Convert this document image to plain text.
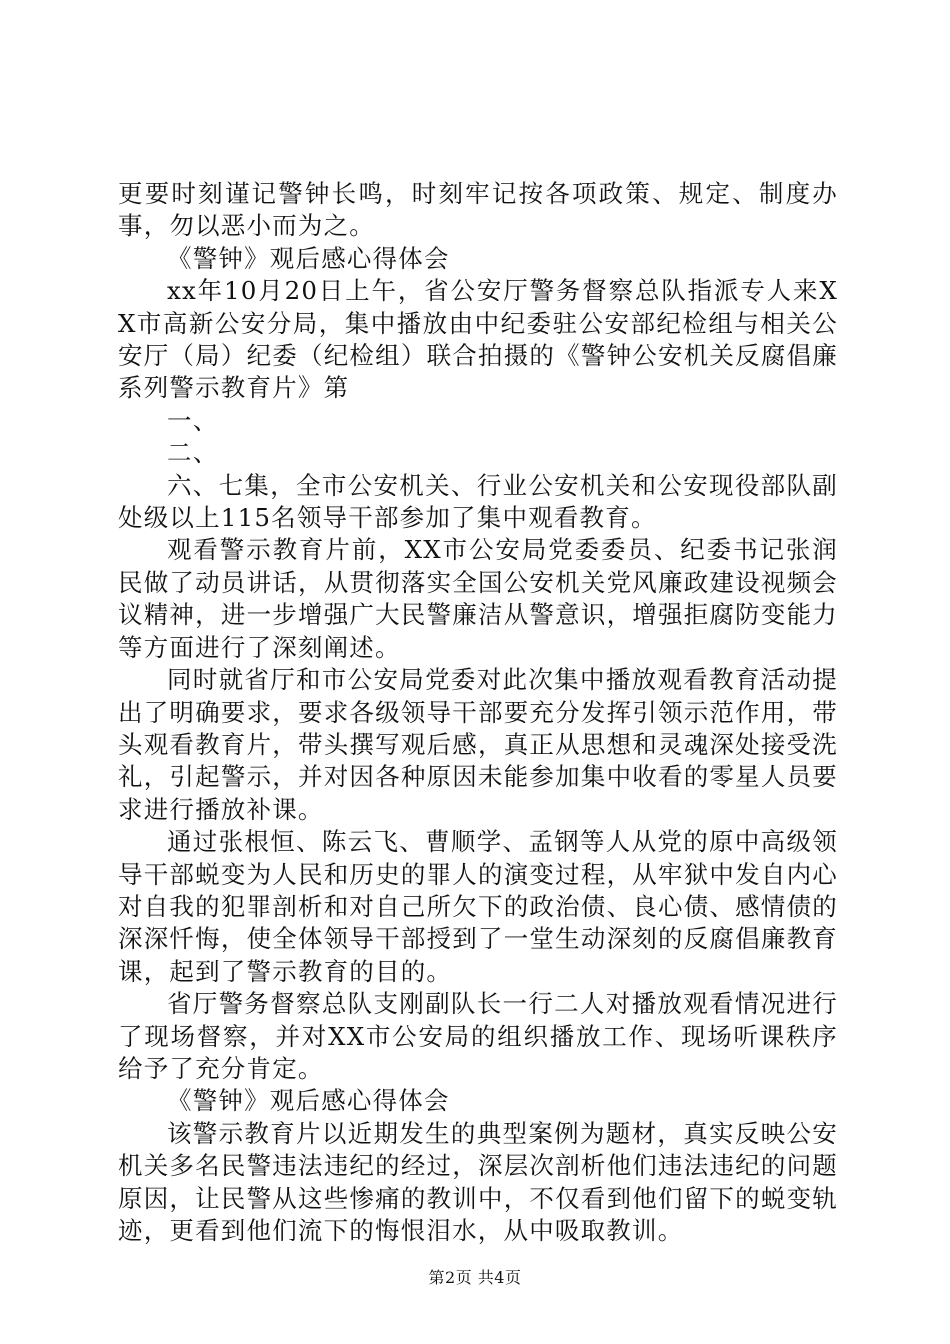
更要时刻谨记警钟长鸣，时刻牢记按各项政策、规定、制度办事，勿以恶小而为之。

《警钟》观后感心得体会

xx年10月20日上午，省公安厅警务督察总队指派专人来XX市高新公安分局，集中播放由中纪委驻公安部纪检组与相关公安厅（局）纪委（纪检组）联合拍摄的《警钟公安机关反腐倡廉系列警示教育片》第

一、

二、

六、七集，全市公安机关、行业公安机关和公安现役部队副处级以上115名领导干部参加了集中观看教育。

观看警示教育片前，XX市公安局党委委员、纪委书记张润民做了动员讲话，从贯彻落实全国公安机关党风廉政建设视频会议精神，进一步增强广大民警廉洁从警意识，增强拒腐防变能力等方面进行了深刻阐述。

同时就省厅和市公安局党委对此次集中播放观看教育活动提出了明确要求，要求各级领导干部要充分发挥引领示范作用，带头观看教育片，带头撰写观后感，真正从思想和灵魂深处接受洗礼，引起警示，并对因各种原因未能参加集中收看的零星人员要求进行播放补课。

通过张根恒、陈云飞、曹顺学、孟钢等人从党的原中高级领导干部蜕变为人民和历史的罪人的演变过程，从牢狱中发自内心对自我的犯罪剖析和对自己所欠下的政治债、良心债、感情债的深深忏悔，使全体领导干部授到了一堂生动深刻的反腐倡廉教育课，起到了警示教育的目的。

省厅警务督察总队支刚副队长一行二人对播放观看情况进行了现场督察，并对XX市公安局的组织播放工作、现场听课秩序给予了充分肯定。

《警钟》观后感心得体会

该警示教育片以近期发生的典型案例为题材，真实反映公安机关多名民警违法违纪的经过，深层次剖析他们违法违纪的问题原因，让民警从这些惨痛的教训中，不仅看到他们留下的蜕变轨迹，更看到他们流下的悔恨泪水，从中吸取教训。

第2页 共4页
